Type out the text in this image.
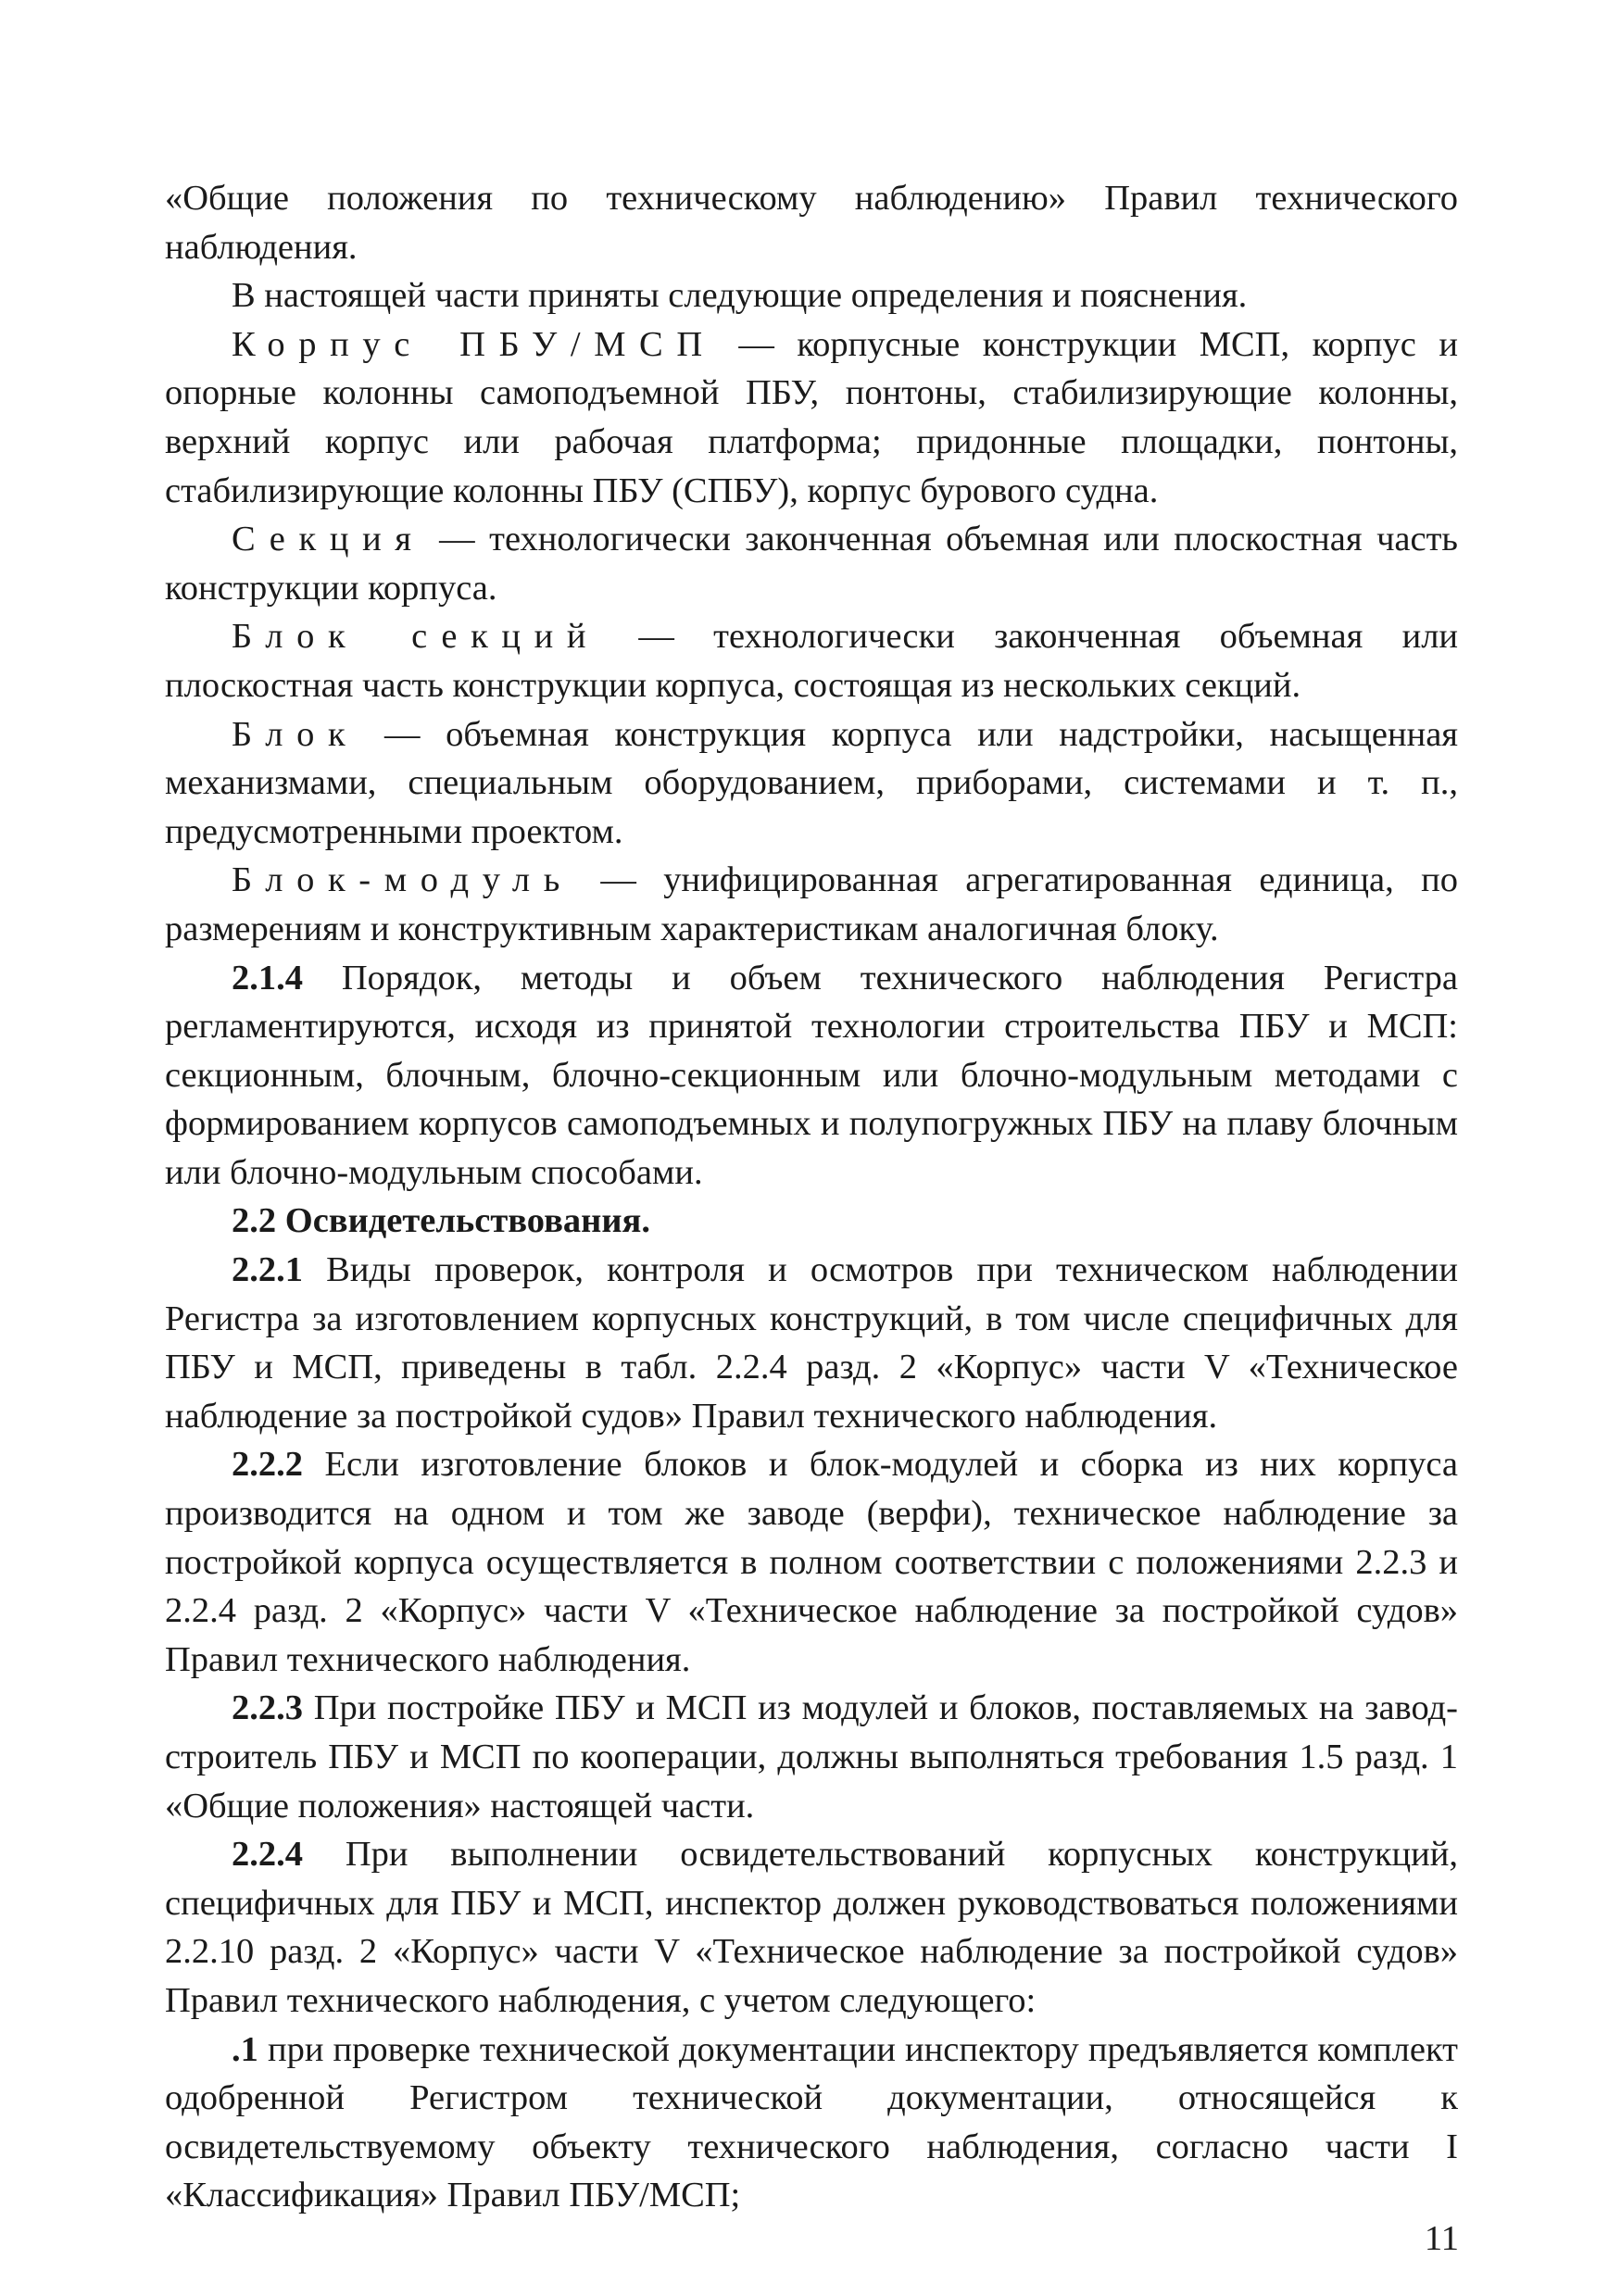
«Общие положения по техническому наблюдению» Правил технического наблюдения.

В настоящей части приняты следующие определения и пояснения.

Корпус ПБУ/МСП — корпусные конструкции МСП, корпус и опорные колонны самоподъемной ПБУ, понтоны, стабилизирующие колонны, верхний корпус или рабочая платформа; придонные площадки, понтоны, стабилизирующие колонны ПБУ (СПБУ), корпус бурового судна.

Секция — технологически законченная объемная или плоскостная часть конструкции корпуса.

Блок секций — технологически законченная объемная или плоскостная часть конструкции корпуса, состоящая из нескольких секций.

Блок — объемная конструкция корпуса или надстройки, насыщенная механизмами, специальным оборудованием, приборами, системами и т. п., предусмотренными проектом.

Блок-модуль — унифицированная агрегатированная единица, по размерениям и конструктивным характеристикам аналогичная блоку.

2.1.4 Порядок, методы и объем технического наблюдения Регистра регламентируются, исходя из принятой технологии строительства ПБУ и МСП: секционным, блочным, блочно-секционным или блочно-модульным методами с формированием корпусов самоподъемных и полупогружных ПБУ на плаву блочным или блочно-модульным способами.

2.2 Освидетельствования.

2.2.1 Виды проверок, контроля и осмотров при техническом наблюдении Регистра за изготовлением корпусных конструкций, в том числе специфичных для ПБУ и МСП, приведены в табл. 2.2.4 разд. 2 «Корпус» части V «Техническое наблюдение за постройкой судов» Правил технического наблюдения.

2.2.2 Если изготовление блоков и блок-модулей и сборка из них корпуса производится на одном и том же заводе (верфи), техническое наблюдение за постройкой корпуса осуществляется в полном соответствии с положениями 2.2.3 и 2.2.4 разд. 2 «Корпус» части V «Техническое наблюдение за постройкой судов» Правил технического наблюдения.

2.2.3 При постройке ПБУ и МСП из модулей и блоков, поставляемых на завод-строитель ПБУ и МСП по кооперации, должны выполняться требования 1.5 разд. 1 «Общие положения» настоящей части.

2.2.4 При выполнении освидетельствований корпусных конструкций, специфичных для ПБУ и МСП, инспектор должен руководствоваться положениями 2.2.10 разд. 2 «Корпус» части V «Техническое наблюдение за постройкой судов» Правил технического наблюдения, с учетом следующего:

.1 при проверке технической документации инспектору предъявляется комплект одобренной Регистром технической документации, относящейся к освидетельствуемому объекту технического наблюдения, согласно части I «Классификация» Правил ПБУ/МСП;

11
